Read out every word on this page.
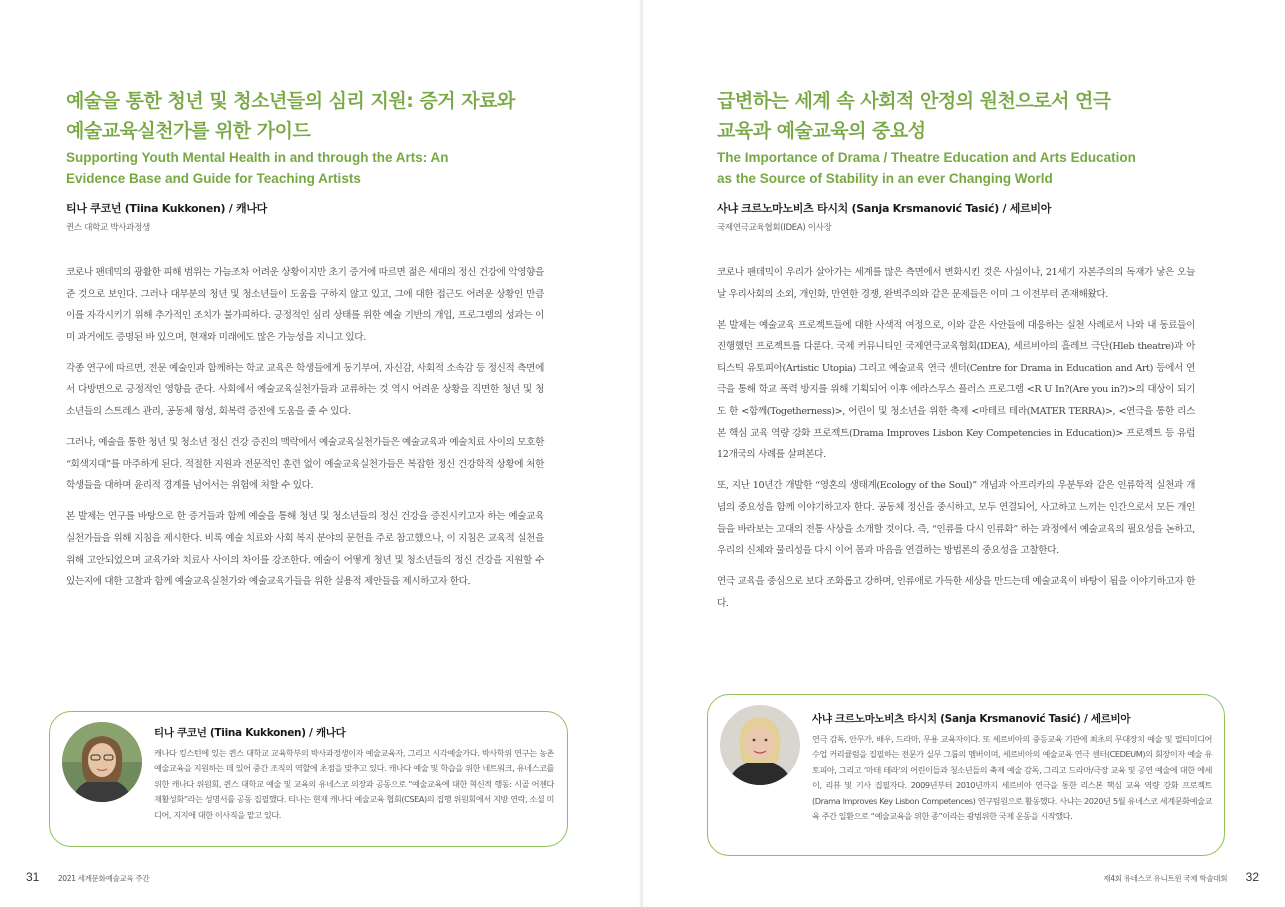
예술을 통한 청년 및 청소년들의 심리 지원: 증거 자료와
예술교육실천가를 위한 가이드
Supporting Youth Mental Health in and through the Arts: An
Evidence Base and Guide for Teaching Artists

티나 쿠코넌 (Tiina Kukkonen) / 캐나다

퀸스 대학교 박사과정생

코로나 팬데믹의 광활한 피해 범위는 가늠조차 어려운 상황이지만 초기 증거에 따르면 젊은 세대의 정신 건강에 악영향을 준 것으로 보인다. 그러나 대부분의 청년 및 청소년들이 도움을 구하지 않고 있고, 그에 대한 접근도 어려운 상황인 만큼 이를 자각시키기 위해 추가적인 조치가 불가피하다. 긍정적인 심리 상태를 위한 예술 기반의 개입, 프로그램의 성과는 이미 과거에도 증명된 바 있으며, 현재와 미래에도 많은 가능성을 지니고 있다.

각종 연구에 따르면, 전문 예술인과 함께하는 학교 교육은 학생들에게 동기부여, 자신감, 사회적 소속감 등 정신적 측면에서 다방면으로 긍정적인 영향을 준다. 사회에서 예술교육실천가들과 교류하는 것 역시 어려운 상황을 직면한 청년 및 청소년들의 스트레스 관리, 공동체 형성, 회복력 증진에 도움을 줄 수 있다.

그러나, 예술을 통한 청년 및 청소년 정신 건강 증진의 맥락에서 예술교육실천가들은 예술교육과 예술치료 사이의 모호한 “회색지대”를 마주하게 된다. 적절한 지원과 전문적인 훈련 없이 예술교육실천가들은 복잡한 정신 건강학적 상황에 처한 학생들을 대하며 윤리적 경계를 넘어서는 위험에 처할 수 있다.

본 발제는 연구를 바탕으로 한 증거들과 함께 예술을 통해 청년 및 청소년들의 정신 건강을 증진시키고자 하는 예술교육실천가들을 위해 지침을 제시한다. 비록 예술 치료와 사회 복지 분야의 문헌을 주로 참고했으나, 이 지침은 교육적 실천을 위해 고안되었으며 교육가와 치료사 사이의 차이를 강조한다. 예술이 어떻게 청년 및 청소년들의 정신 건강을 지원할 수 있는지에 대한 고찰과 함께 예술교육실천가와 예술교육가들을 위한 실용적 제안들을 제시하고자 한다.

티나 쿠코넌 (Tiina Kukkonen) / 캐나다

캐나다 킹스턴에 있는 퀸스 대학교 교육학부의 박사과정생이자 예술교육자, 그리고 시각예술가다. 박사학위 연구는 농촌 예술교육을 지원하는 데 있어 중간 조직의 역할에 초점을 맞추고 있다. 캐나다 예술 및 학습을 위한 네트워크, 유네스코를 위한 캐나다 위원회, 퀸스 대학교 예술 및 교육의 유네스코 의장과 공동으로 “예술교육에 대한 혁신적 행동: 시골 어젠다 재활성화”라는 성명서를 공동 집필했다. 티나는 현재 캐나다 예술교육 협회(CSEA)의 집행 위원회에서 지방 연락, 소셜 미디어, 지지에 대한 이사직을 맡고 있다.

31 2021 세계문화예술교육 주간
급변하는 세계 속 사회적 안정의 원천으로서 연극
교육과 예술교육의 중요성
The Importance of Drama / Theatre Education and Arts Education
as the Source of Stability in an ever Changing World

사냐 크르노마노비츠 타시치 (Sanja Krsmanović Tasić) / 세르비아

국제연극교육협회(IDEA) 이사장

코로나 팬데믹이 우리가 살아가는 세계를 많은 측면에서 변화시킨 것은 사실이나, 21세기 자본주의의 독재가 낳은 오늘날 우리사회의 소외, 개인화, 만연한 경쟁, 완벽주의와 같은 문제들은 이미 그 이전부터 존재해왔다.

본 발제는 예술교육 프로젝트들에 대한 사색적 여정으로, 이와 같은 사안들에 대응하는 실천 사례로서 나와 내 동료들이 진행했던 프로젝트를 다룬다. 국제 커뮤니티인 국제연극교육협회(IDEA), 세르비아의 흘레브 극단(Hleb theatre)과 아티스틱 유토피아(Artistic Utopia) 그리고 예술교육 연극 센터(Centre for Drama in Education and Art) 등에서 연극을 통해 학교 폭력 방지를 위해 기획되어 이후 에라스무스 플러스 프로그램 <R U In?(Are you in?)>의 대상이 되기도 한 <함께(Togetherness)>, 어린이 및 청소년을 위한 축제 <마테르 테라(MATER TERRA)>, <연극을 통한 리스본 핵심 교육 역량 강화 프로젝트(Drama Improves Lisbon Key Competencies in Education)> 프로젝트 등 유럽 12개국의 사례를 살펴본다.

또, 지난 10년간 개발한 “영혼의 생태계(Ecology of the Soul)” 개념과 아프리카의 우분투와 같은 인류학적 실천과 개념의 중요성을 함께 이야기하고자 한다. 공동체 정신을 중시하고, 모두 연결되어, 사고하고 느끼는 인간으로서 모든 개인들을 바라보는 고대의 전통 사상을 소개할 것이다. 즉, “인류를 다시 인류화” 하는 과정에서 예술교육의 필요성을 논하고, 우리의 신체와 물리성을 다시 이어 몸과 마음을 연결하는 방법론의 중요성을 고찰한다.

연극 교육을 중심으로 보다 조화롭고 강하며, 인류애로 가득한 세상을 만드는데 예술교육이 바탕이 됨을 이야기하고자 한다.

사냐 크르노마노비츠 타시치 (Sanja Krsmanović Tasić) / 세르비아

연극 감독, 안무가, 배우, 드라마, 무용 교육자이다. 또 세르비아의 중등교육 기관에 최초의 무대장치 예술 및 멀티미디어 수업 커리큘럼을 집필하는 전문가 실무 그룹의 멤버이며, 세르비아의 예술교육 연극 센터(CEDEUM)의 회장이자 예술 유토피아, 그리고 ‘마테 테라’의 어린이들과 청소년들의 축제 예술 감독, 그리고 드라마/극장 교육 및 공연 예술에 대한 에세이, 리뷰 및 기사 집필자다. 2009년부터 2010년까지 세르비아 연극을 통한 리스본 핵심 교육 역량 강화 프로젝트(Drama Improves Key Lisbon Competences) 연구팀원으로 활동했다. 사냐는 2020년 5월 유네스코 세계문화예술교육 주간 일환으로 “예술교육을 위한 종”이라는 광범위한 국제 운동을 시작했다.

제4회 유네스코 유니트윈 국제 학술대회 32
